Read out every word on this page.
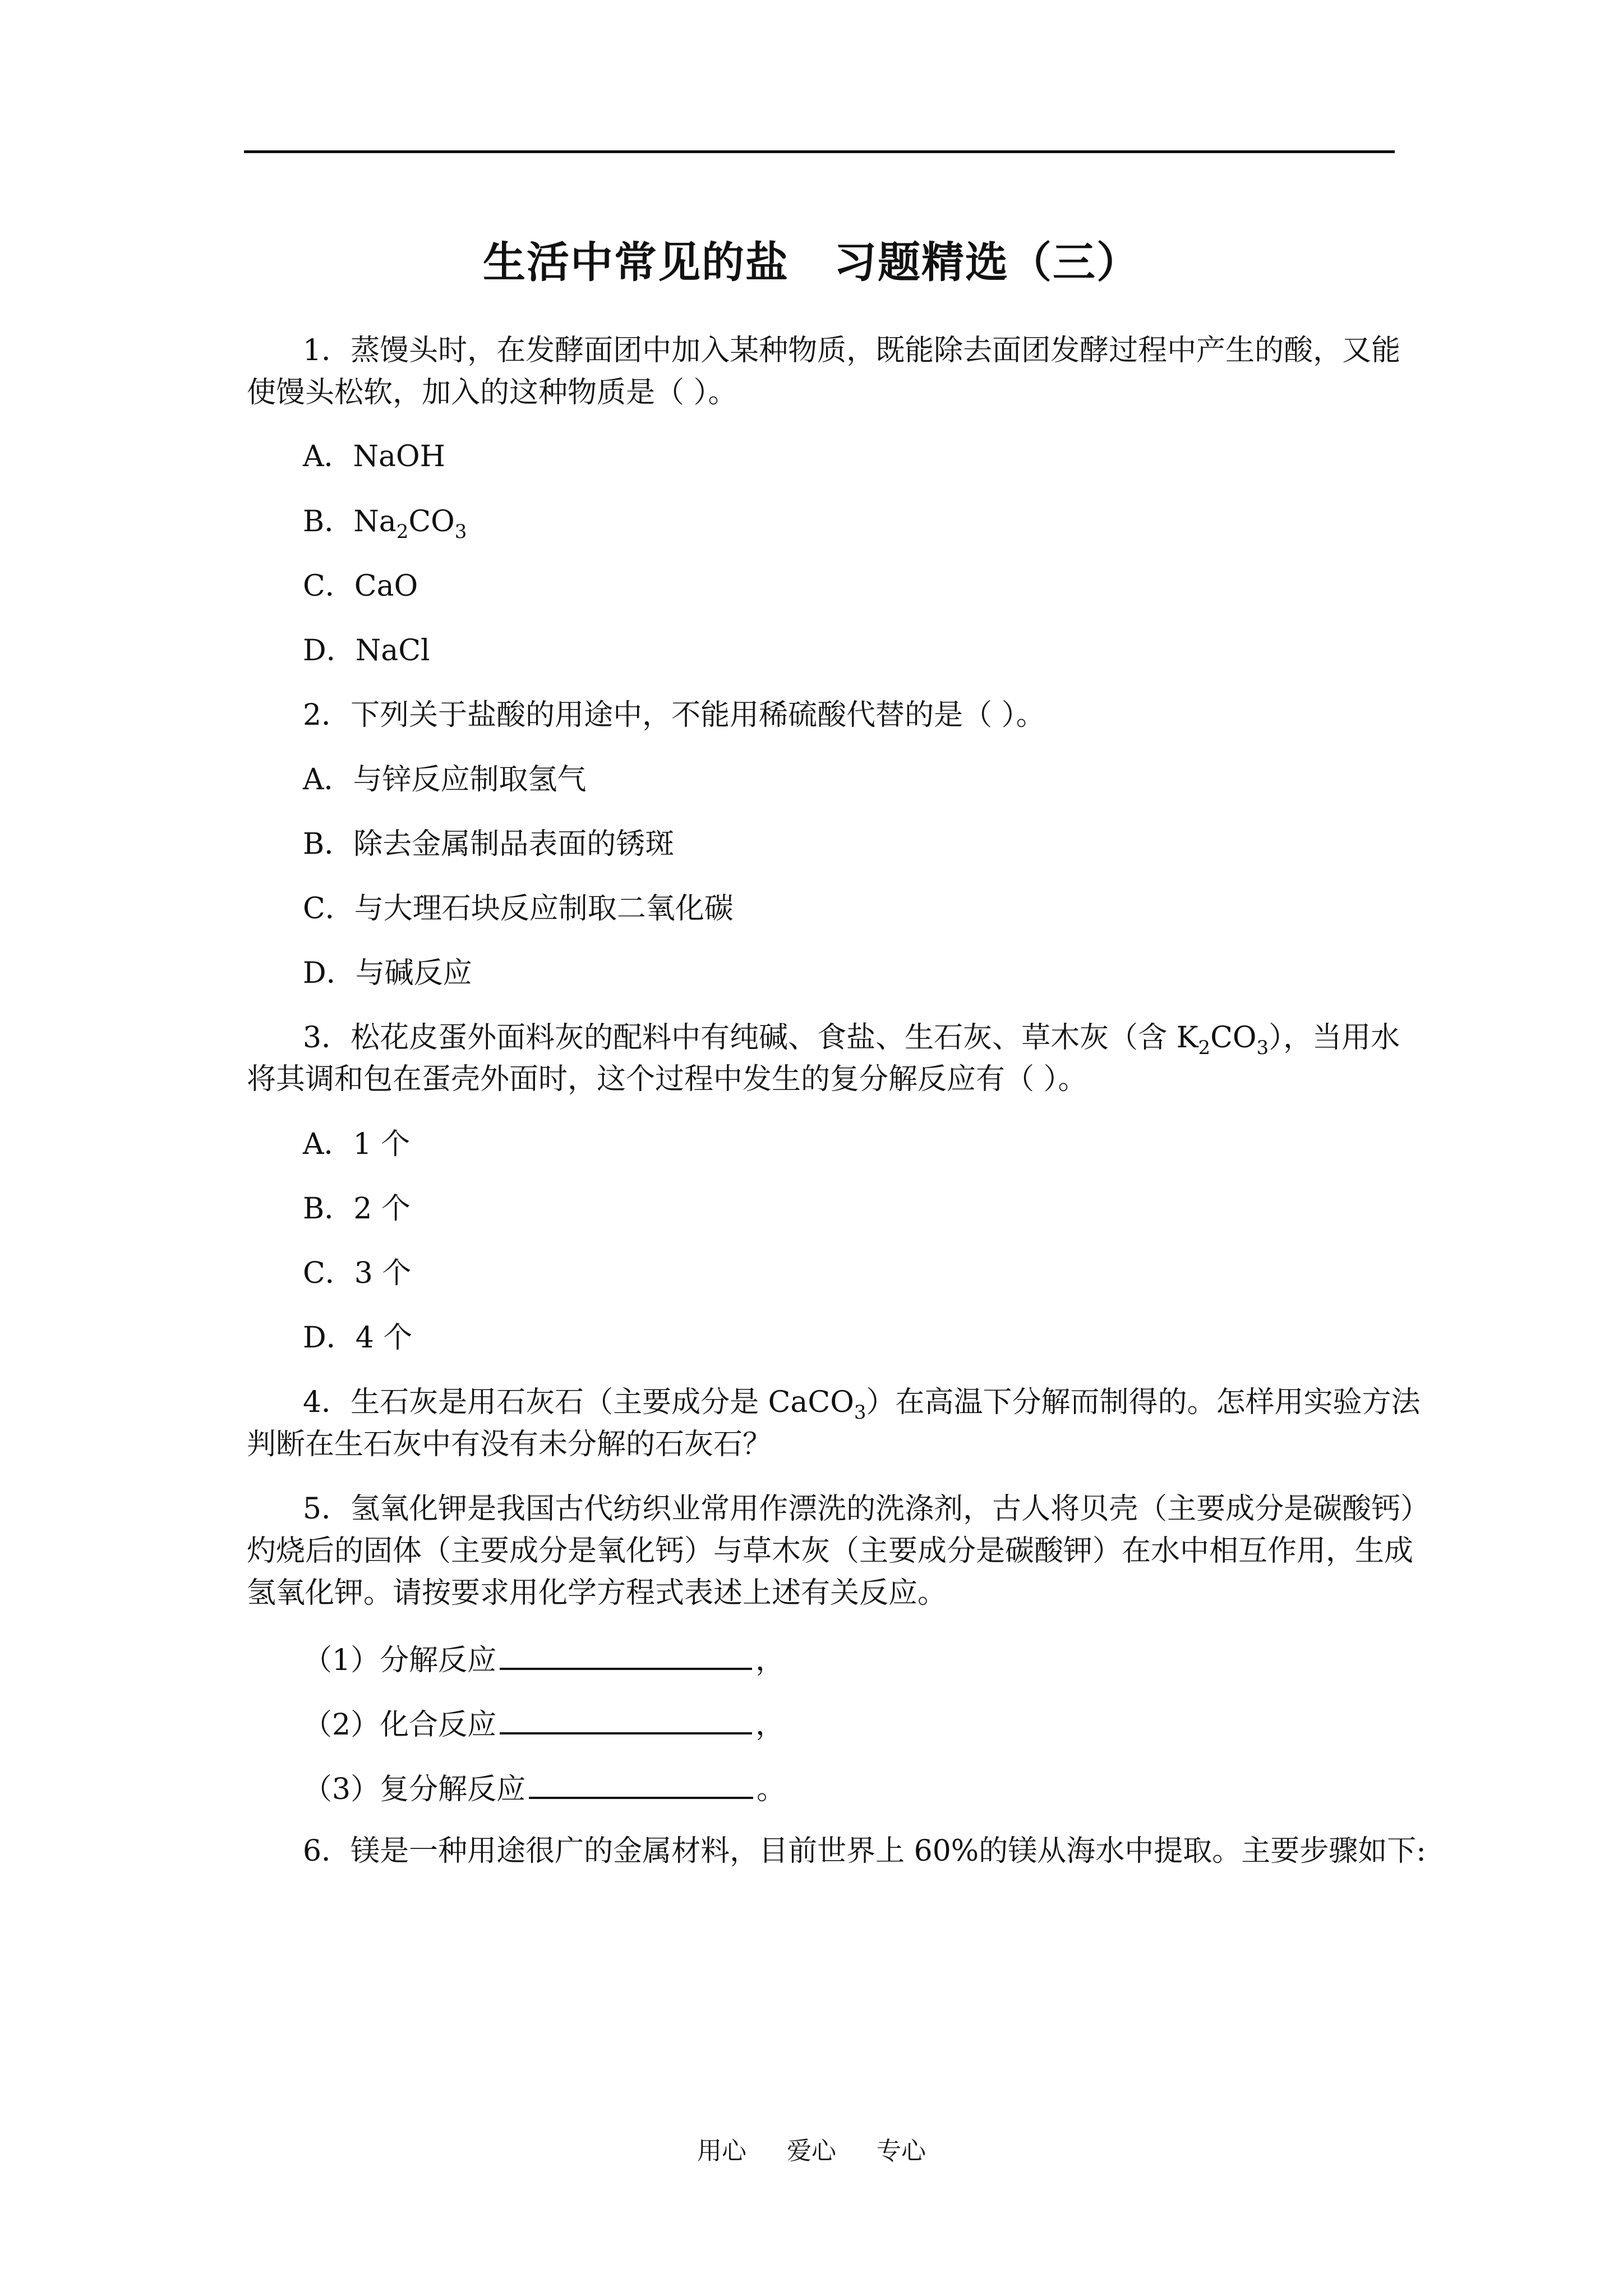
生活中常见的盐 习题精选（三）
1．蒸馒头时，在发酵面团中加入某种物质，既能除去面团发酵过程中产生的酸，又能
使馒头松软，加入的这种物质是（ ）。
A．NaOH
B．$Na_2CO_3$
C．CaO
D．NaCl
2．下列关于盐酸的用途中，不能用稀硫酸代替的是（ ）。
A．与锌反应制取氢气
B．除去金属制品表面的锈斑
C．与大理石块反应制取二氧化碳
D．与碱反应
3．松花皮蛋外面料灰的配料中有纯碱、食盐、生石灰、草木灰（含 $K_2CO_3$），当用水
将其调和包在蛋壳外面时，这个过程中发生的复分解反应有（ ）。
A．1 个
B．2 个
C．3 个
D．4 个
4．生石灰是用石灰石（主要成分是 CaCO$_3$）在高温下分解而制得的。怎样用实验方法
判断在生石灰中有没有未分解的石灰石？
5．氢氧化钾是我国古代纺织业常用作漂洗的洗涤剂，古人将贝壳（主要成分是碳酸钙）
灼烧后的固体（主要成分是氧化钙）与草木灰（主要成分是碳酸钾）在水中相互作用，生成
氢氧化钾。请按要求用化学方程式表述上述有关反应。
（1）分解反应	，
（2）化合反应	，
（3）复分解反应	。
6．镁是一种用途很广的金属材料，目前世界上 60%的镁从海水中提取。主要步骤如下:
用心 爱心 专心
